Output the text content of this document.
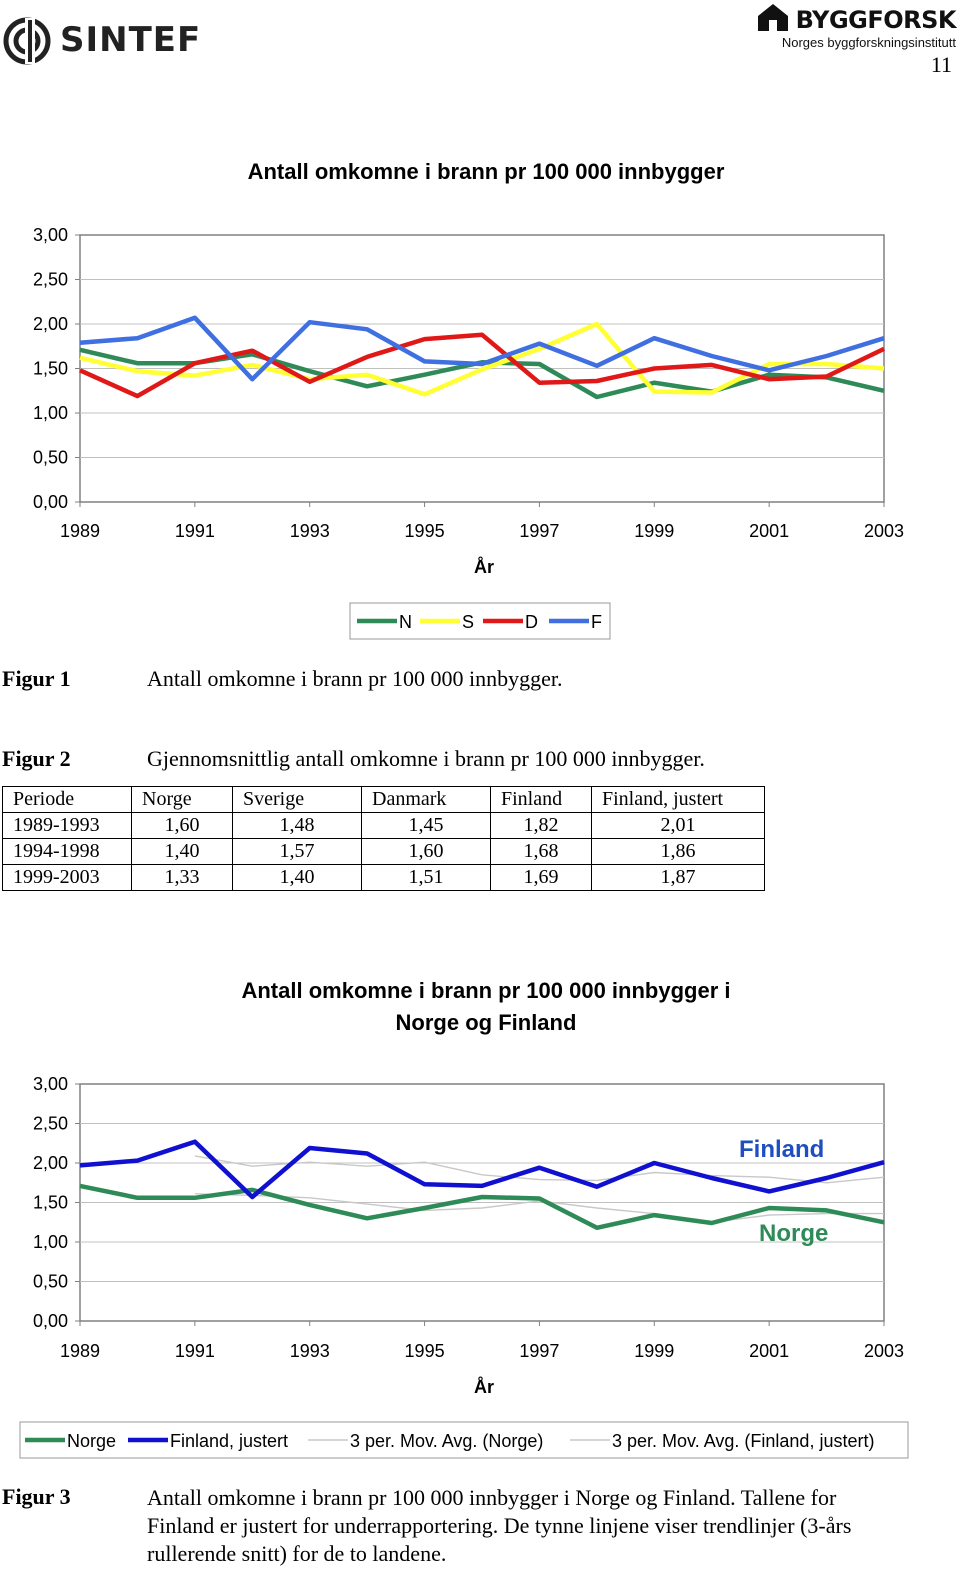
SINTEF	BYGGFORSK
Norges byggforskningsinstitutt
11
Antall omkomne i brann pr 100 000 innbygger
0,00
0,50
1,00
1,50
2,00
2,50
3,00
1989	1991	1993	1995	1997	1999	2001	2003
År
N	S	D	F
Figur 1	Antall omkomne i brann pr 100 000 innbygger.
Figur 2	Gjennomsnittlig antall omkomne i brann pr 100 000 innbygger.
Periode	Norge	Sverige	Danmark	Finland	Finland, justert
1989-1993	1,60	1,48	1,45	1,82	2,01
1994-1998	1,40	1,57	1,60	1,68	1,86
1999-2003	1,33	1,40	1,51	1,69	1,87
Antall omkomne i brann pr 100 000 innbygger i
Norge og Finland
0,00
0,50
1,00
1,50
2,00
2,50
3,00
1989	1991	1993	1995	1997	1999	2001	2003
År
Finland
Norge
Norge	Finland, justert	3 per. Mov. Avg. (Norge)	3 per. Mov. Avg. (Finland, justert)
Figur 3	Antall omkomne i brann pr 100 000 innbygger i Norge og Finland. Tallene for
Finland er justert for underrapportering. De tynne linjene viser trendlinjer (3-års
rullerende snitt) for de to landene.
